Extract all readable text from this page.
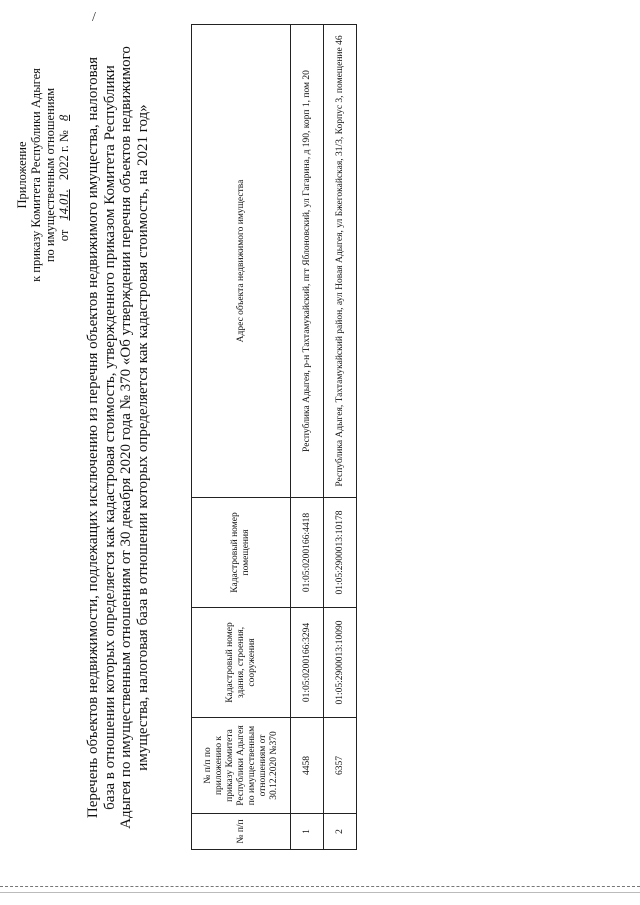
/
Приложение к приказу Комитета Республики Адыгея по имущественным отношениям от 14.01. 2022 г. № 8 Перечень объектов недвижимости, подлежащих исключению из перечня объектов недвижимого имущества, налоговая база в отношении которых определяется как кадастровая стоимость, утвержденного приказом Комитета Республики Адыгея по имущественным отношениям от 30 декабря 2020 года № 370 «Об утверждении перечня объектов недвижимого имущества, налоговая база в отношении которых определяется как кадастровая стоимость, на 2021 год»
№ п/п	№ п/п по приложению к приказу Комитета Республики Адыгея по имущественным отношениям от 30.12.2020 №370	Кадастровый номер здания, строения, сооружения	Кадастровый номер помещения	Адрес объекта недвижимого имущества
1	4458	01:05:0200166:3294	01:05:0200166:4418	Республика Адыгея, р-н Тахтамукайский, пгт Яблоновский, ул Гагарина, д 190, корп 1, пом 20
2	6357	01:05:2900013:10090	01:05:2900013:10178	Республика Адыгея, Тахтамукайский район, аул Новая Адыгея, ул Бжегокайская, 31/3, Корпус 3, помещение 46
